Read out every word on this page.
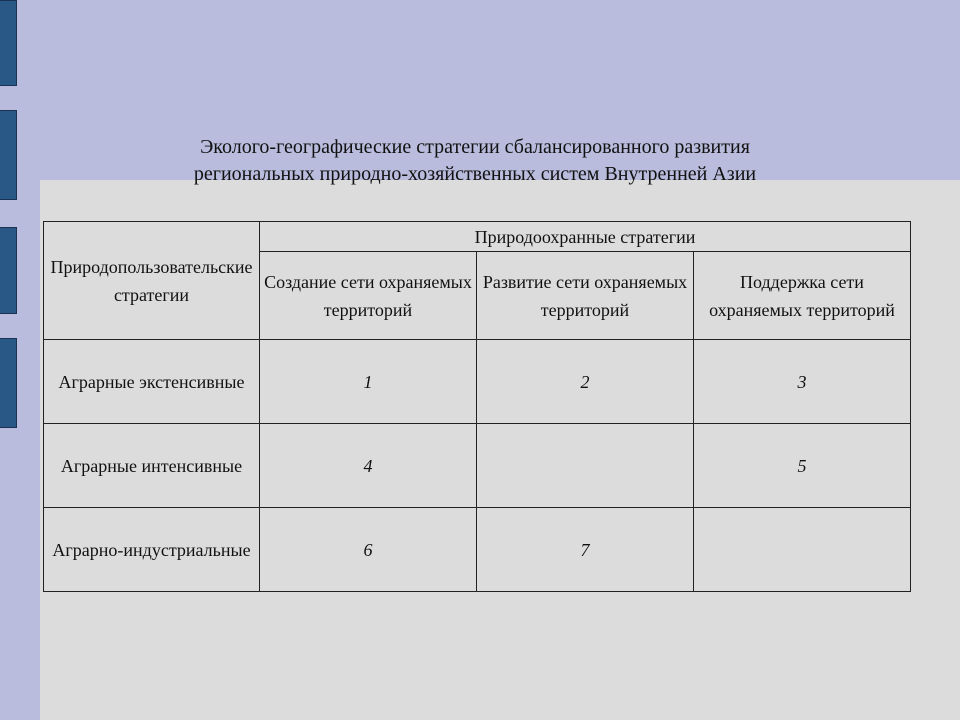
Эколого-географические стратегии сбалансированного развития
региональных природно-хозяйственных систем Внутренней Азии
Природопользовательские стратегии	Природоохранные стратегии		
	Создание сети охраняемых территорий	Развитие сети охраняемых территорий	Поддержка сети охраняемых территорий
Аграрные экстенсивные	1	2	3
Аграрные интенсивные	4		5
Аграрно-индустриальные	6	7	
